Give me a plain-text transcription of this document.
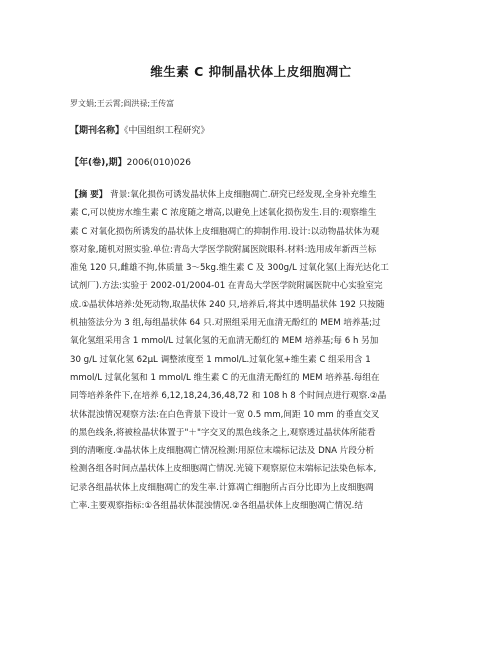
维生素 C 抑制晶状体上皮细胞凋亡
罗文娟;王云霄;阎洪禄;王传富
【期刊名称】《中国组织工程研究》
【年(卷),期】2006(010)026
【摘 要】 背景:氧化损伤可诱发晶状体上皮细胞凋亡.研究已经发现,全身补充维生
素 C,可以使房水维生素 C 浓度随之增高,以避免上述氧化损伤发生.目的:观察维生
素 C 对氧化损伤所诱发的晶状体上皮细胞凋亡的抑制作用.设计:以动物晶状体为观
察对象,随机对照实验.单位:青岛大学医学院附属医院眼科.材料:选用成年新西兰标
准兔 120 只,雌雄不拘,体质量 3～5kg.维生素 C 及 300g/L 过氧化氢(上海光达化工
试剂厂).方法:实验于 2002-01/2004-01 在青岛大学医学院附属医院中心实验室完
成.①晶状体培养:处死动物,取晶状体 240 只,培养后,将其中透明晶状体 192 只按随
机抽签法分为 3 组,每组晶状体 64 只.对照组采用无血清无酚红的 MEM 培养基;过
氧化氢组采用含 1 mmol/L 过氧化氢的无血清无酚红的 MEM 培养基;每 6 h 另加
30 g/L 过氧化氢 62μL 调整浓度至 1 mmol/L.过氧化氢+维生素 C 组采用含 1
mmol/L 过氧化氢和 1 mmol/L 维生素 C 的无血清无酚红的 MEM 培养基.每组在
同等培养条件下,在培养 6,12,18,24,36,48,72 和 108 h 8 个时间点进行观察.②晶
状体混浊情况观察方法:在白色背景下设计一宽 0.5 mm,间距 10 mm 的垂直交叉
的黑色线条,将被检晶状体置于"＋"字交叉的黑色线条之上,观察透过晶状体所能看
到的清晰度.③晶状体上皮细胞凋亡情况检测:用原位末端标记法及 DNA 片段分析
检测各组各时间点晶状体上皮细胞凋亡情况.光镜下观察原位末端标记法染色标本,
记录各组晶状体上皮细胞凋亡的发生率.计算凋亡细胞所占百分比即为上皮细胞凋
亡率.主要观察指标:①各组晶状体混浊情况.②各组晶状体上皮细胞凋亡情况.结
